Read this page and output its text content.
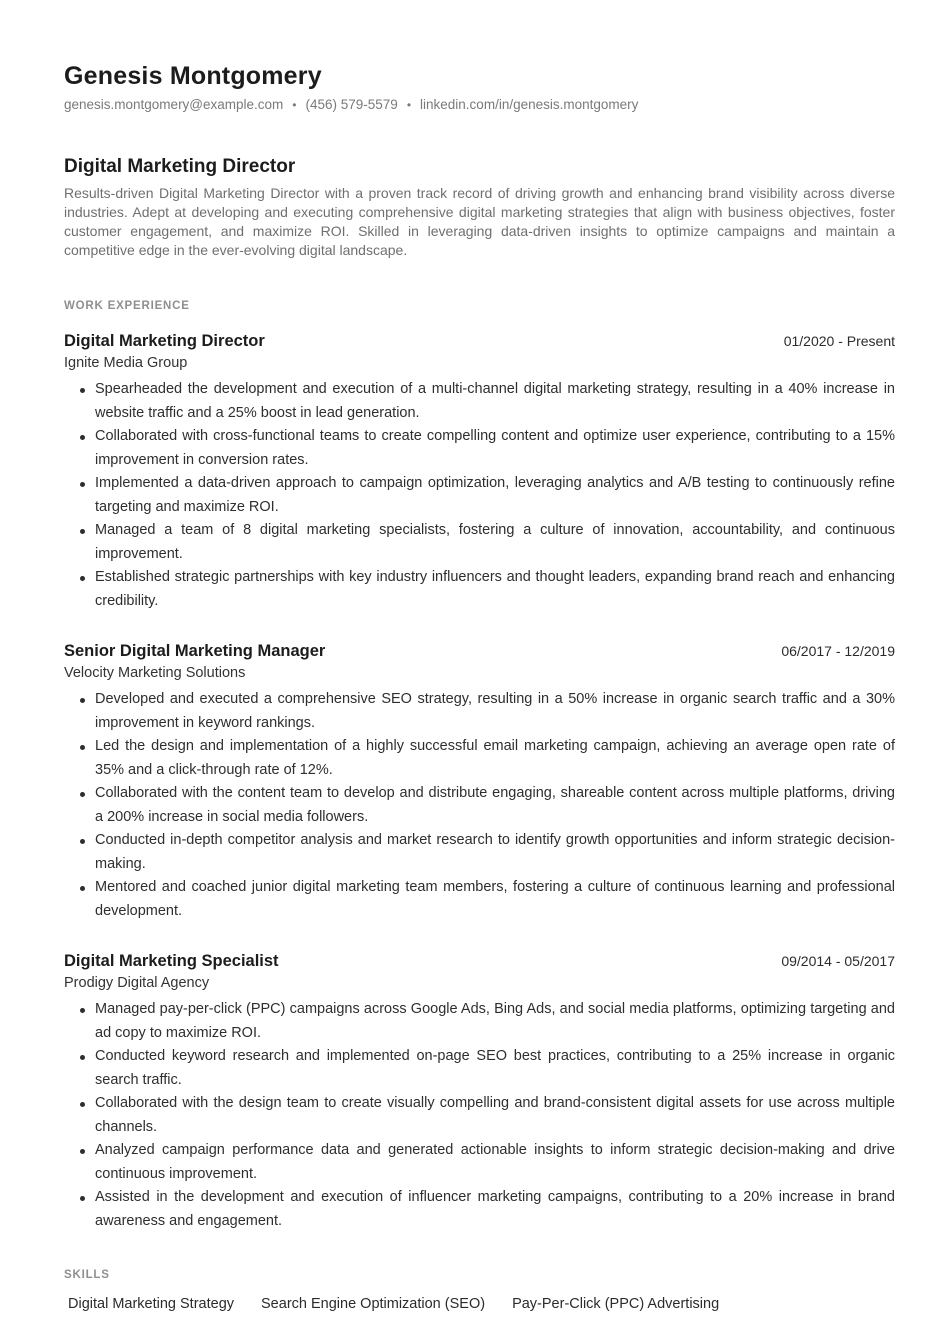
Genesis Montgomery
genesis.montgomery@example.com • (456) 579-5579 • linkedin.com/in/genesis.montgomery
Digital Marketing Director

Results-driven Digital Marketing Director with a proven track record of driving growth and enhancing brand visibility across diverse industries. Adept at developing and executing comprehensive digital marketing strategies that align with business objectives, foster customer engagement, and maximize ROI. Skilled in leveraging data-driven insights to optimize campaigns and maintain a competitive edge in the ever-evolving digital landscape.

WORK EXPERIENCE
Digital Marketing Director	01/2020 - Present
Ignite Media Group
Spearheaded the development and execution of a multi-channel digital marketing strategy, resulting in a 40% increase in website traffic and a 25% boost in lead generation.
Collaborated with cross-functional teams to create compelling content and optimize user experience, contributing to a 15% improvement in conversion rates.
Implemented a data-driven approach to campaign optimization, leveraging analytics and A/B testing to continuously refine targeting and maximize ROI.
Managed a team of 8 digital marketing specialists, fostering a culture of innovation, accountability, and continuous improvement.
Established strategic partnerships with key industry influencers and thought leaders, expanding brand reach and enhancing credibility.
Senior Digital Marketing Manager	06/2017 - 12/2019
Velocity Marketing Solutions
Developed and executed a comprehensive SEO strategy, resulting in a 50% increase in organic search traffic and a 30% improvement in keyword rankings.
Led the design and implementation of a highly successful email marketing campaign, achieving an average open rate of 35% and a click-through rate of 12%.
Collaborated with the content team to develop and distribute engaging, shareable content across multiple platforms, driving a 200% increase in social media followers.
Conducted in-depth competitor analysis and market research to identify growth opportunities and inform strategic decision-making.
Mentored and coached junior digital marketing team members, fostering a culture of continuous learning and professional development.
Digital Marketing Specialist	09/2014 - 05/2017
Prodigy Digital Agency
Managed pay-per-click (PPC) campaigns across Google Ads, Bing Ads, and social media platforms, optimizing targeting and ad copy to maximize ROI.
Conducted keyword research and implemented on-page SEO best practices, contributing to a 25% increase in organic search traffic.
Collaborated with the design team to create visually compelling and brand-consistent digital assets for use across multiple channels.
Analyzed campaign performance data and generated actionable insights to inform strategic decision-making and drive continuous improvement.
Assisted in the development and execution of influencer marketing campaigns, contributing to a 20% increase in brand awareness and engagement.
SKILLS
Digital Marketing Strategy Search Engine Optimization (SEO) Pay-Per-Click (PPC) Advertising
